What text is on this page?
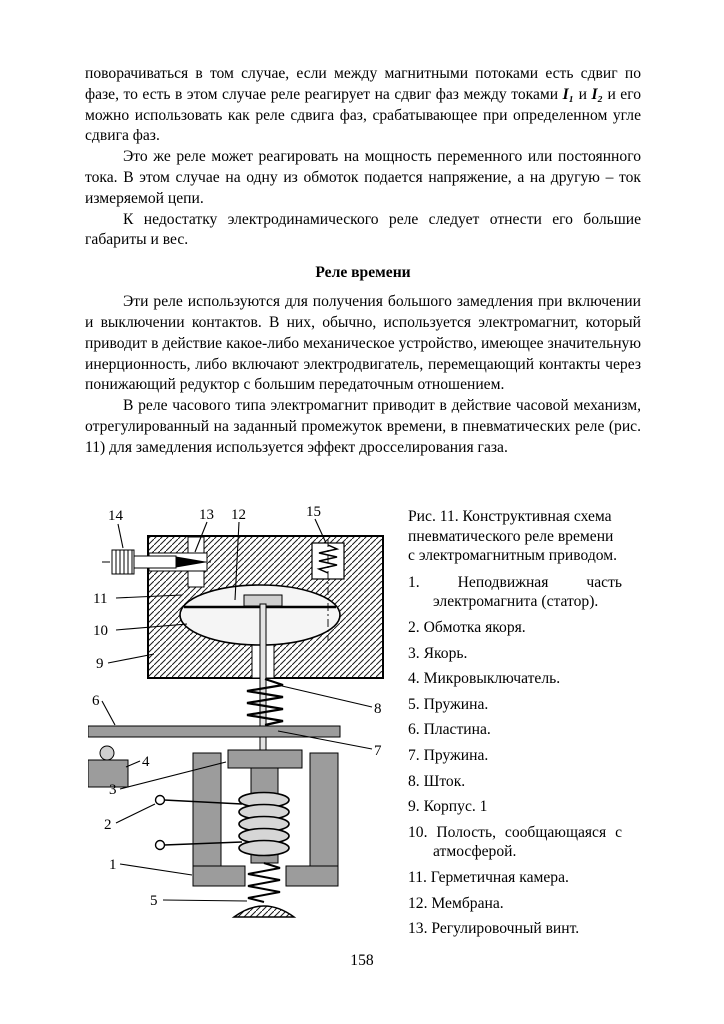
поворачиваться в том случае, если между магнитными потоками есть сдвиг по фазе, то есть в этом случае реле реагирует на сдвиг фаз между токами I₁ и I₂ и его можно использовать как реле сдвига фаз, срабатывающее при определенном угле сдвига фаз.

Это же реле может реагировать на мощность переменного или постоянного тока. В этом случае на одну из обмоток подается напряжение, а на другую – ток измеряемой цепи.

К недостатку электродинамического реле следует отнести его большие габариты и вес.

Реле времени

Эти реле используются для получения большого замедления при включении и выключении контактов. В них, обычно, используется электромагнит, который приводит в действие какое-либо механическое устройство, имеющее значительную инерционность, либо включают электродвигатель, перемещающий контакты через понижающий редуктор с большим передаточным отношением.

В реле часового типа электромагнит приводит в действие часовой механизм, отрегулированный на заданный промежуток времени, в пневматических реле (рис. 11) для замедления используется эффект дросселирования газа.

14	13 12	15
11
10
9
6	8
7
4
3
2
1
5
Рис. 11. Конструктивная схема пневматического реле времени с электромагнитным приводом.
1. Неподвижная часть электромагнита (статор).
2. Обмотка якоря.
3. Якорь.
4. Микровыключатель.
5. Пружина.
6. Пластина.
7. Пружина.
8. Шток.
9. Корпус. 1
10. Полость, сообщающаяся с атмосферой.
11. Герметичная камера.
12. Мембрана.
13. Регулировочный винт.
158
